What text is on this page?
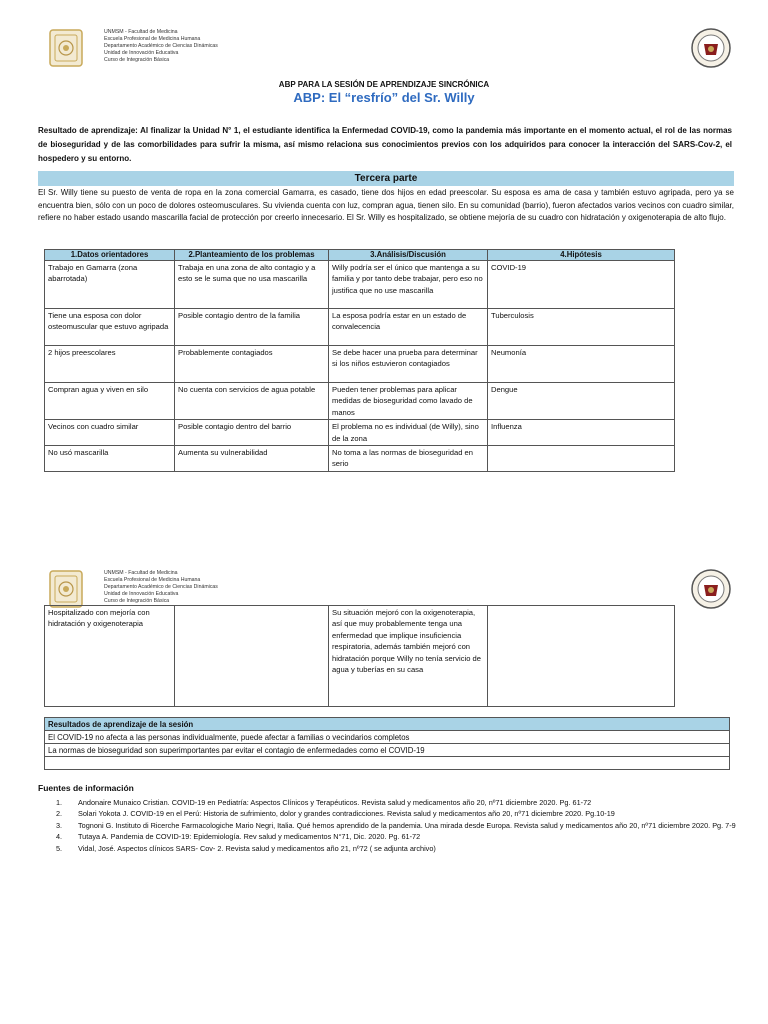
UNMSM - Facultad de Medicina
Escuela Profesional de Medicina Humana
Departamento Académico de Ciencias Dinámicas
Unidad de Innovación Educativa
Curso de Integración Básica
ABP PARA LA SESIÓN DE APRENDIZAJE SINCRÓNICA
ABP: El “resfrío” del Sr. Willy
Resultado de aprendizaje: Al finalizar la Unidad N° 1, el estudiante identifica la Enfermedad COVID-19, como la pandemia más importante en el momento actual, el rol de las normas de bioseguridad y de las comorbilidades para sufrir la misma, así mismo relaciona sus conocimientos previos con los adquiridos para conocer la interacción del SARS-Cov-2, el hospedero y su entorno.
Tercera parte
El Sr. Willy tiene su puesto de venta de ropa en la zona comercial Gamarra, es casado, tiene dos hijos en edad preescolar. Su esposa es ama de casa y también estuvo agripada, pero ya se encuentra bien, sólo con un poco de dolores osteomusculares. Su vivienda cuenta con luz, compran agua, tienen silo. En su comunidad (barrio), fueron afectados varios vecinos con cuadro similar, refiere no haber estado usando mascarilla facial de protección por creerlo innecesario. El Sr. Willy es hospitalizado, se obtiene mejoría de su cuadro con hidratación y oxigenoterapia de alto flujo.
1.Datos orientadores	2.Planteamiento de los problemas	3.Análisis/Discusión	4.Hipótesis
Trabajo en Gamarra (zona abarrotada)	Trabaja en una zona de alto contagio y a esto se le suma que no usa mascarilla	Willy podría ser el único que mantenga a su familia y por tanto debe trabajar, pero eso no justifica que no use mascarilla	COVID-19
Tiene una esposa con dolor osteomuscular que estuvo agripada	Posible contagio dentro de la familia	La esposa podría estar en un estado de convalecencia	Tuberculosis
2 hijos preescolares	Probablemente contagiados	Se debe hacer una prueba para determinar si los niños estuvieron contagiados	Neumonía
Compran agua y viven en silo	No cuenta con servicios de agua potable	Pueden tener problemas para aplicar medidas de bioseguridad como lavado de manos	Dengue
Vecinos con cuadro similar	Posible contagio dentro del barrio	El problema no es individual (de Willy), sino de la zona	Influenza
No usó mascarilla	Aumenta su vulnerabilidad	No toma a las normas de bioseguridad en serio	
UNMSM - Facultad de Medicina
Escuela Profesional de Medicina Humana
Departamento Académico de Ciencias Dinámicas
Unidad de Innovación Educativa
Curso de Integración Básica
Hospitalizado con mejoría con hidratación y oxigenoterapia		Su situación mejoró con la oxigenoterapia, así que muy probablemente tenga una enfermedad que implique insuficiencia respiratoria, además también mejoró con hidratación porque Willy no tenía servicio de agua y tuberías en su casa	
Resultados de aprendizaje de la sesión
El COVID-19 no afecta a las personas individualmente, puede afectar a familias o vecindarios completos
La normas de bioseguridad son superimportantes par evitar el contagio de enfermedades como el COVID-19

Fuentes de información
1. Andonaire Munaico Cristian. COVID-19 en Pediatría: Aspectos Clínicos y Terapéuticos. Revista salud y medicamentos año 20, nº71 diciembre 2020. Pg. 61-72
2. Solari Yokota J. COVID-19 en el Perú: Historia de sufrimiento, dolor y grandes contradicciones. Revista salud y medicamentos año 20, nº71 diciembre 2020. Pg.10-19
3. Tognoni G. Instituto di Ricerche Farmacologiche Mario Negri, Italia. Qué hemos aprendido de la pandemia. Una mirada desde Europa. Revista salud y medicamentos año 20, nº71 diciembre 2020. Pg. 7-9
4. Tutaya A. Pandemia de COVID-19: Epidemiología. Rev salud y medicamentos N°71, Dic. 2020. Pg. 61-72
5. Vidal, José. Aspectos clínicos SARS- Cov- 2. Revista salud y medicamentos año 21, nº72 ( se adjunta archivo)
